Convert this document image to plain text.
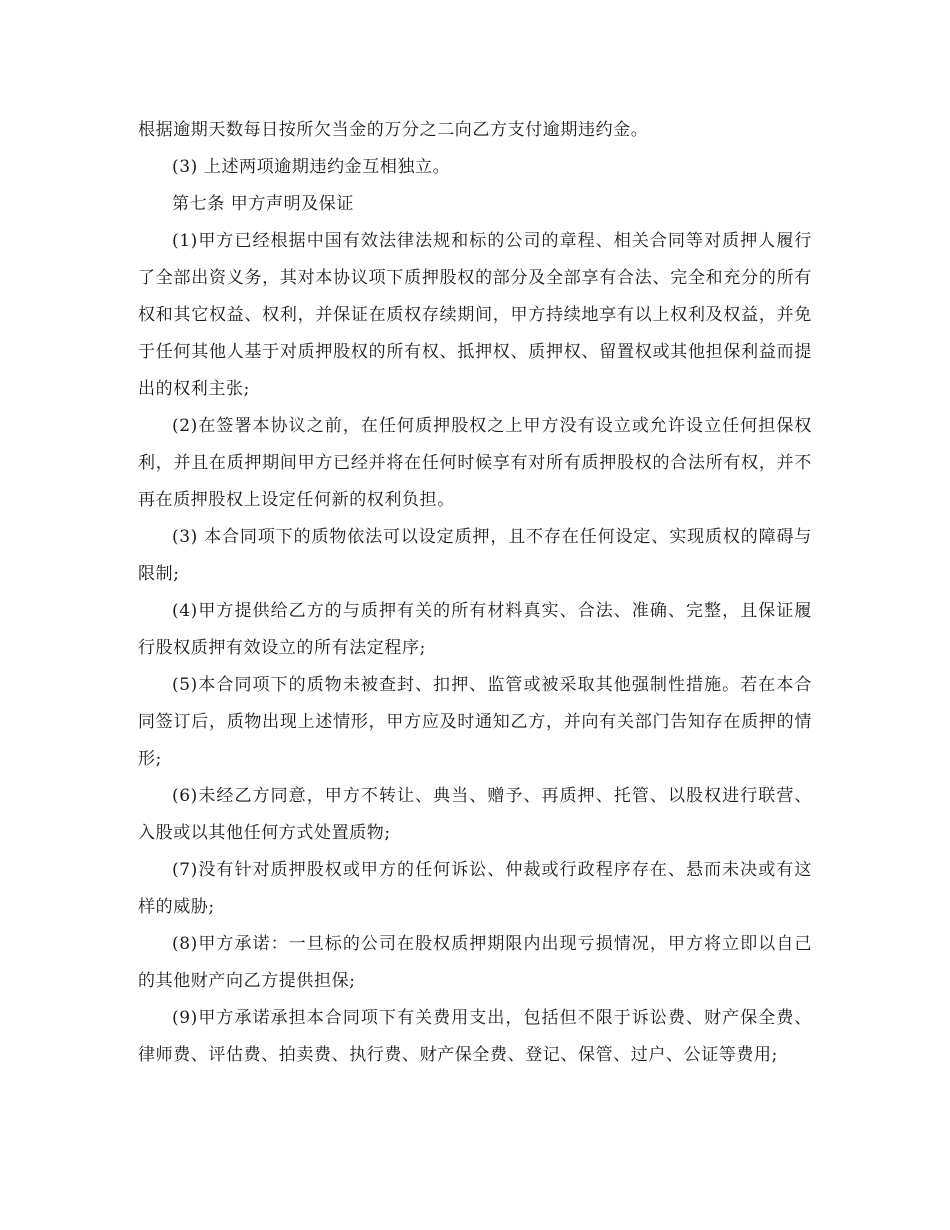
根据逾期天数每日按所欠当金的万分之二向乙方支付逾期违约金。

(3) 上述两项逾期违约金互相独立。

第七条 甲方声明及保证

(1)甲方已经根据中国有效法律法规和标的公司的章程、相关合同等对质押人履行了全部出资义务，其对本协议项下质押股权的部分及全部享有合法、完全和充分的所有权和其它权益、权利，并保证在质权存续期间，甲方持续地享有以上权利及权益，并免于任何其他人基于对质押股权的所有权、抵押权、质押权、留置权或其他担保利益而提出的权利主张;

(2)在签署本协议之前，在任何质押股权之上甲方没有设立或允许设立任何担保权利，并且在质押期间甲方已经并将在任何时候享有对所有质押股权的合法所有权，并不再在质押股权上设定任何新的权利负担。

(3) 本合同项下的质物依法可以设定质押，且不存在任何设定、实现质权的障碍与限制;

(4)甲方提供给乙方的与质押有关的所有材料真实、合法、准确、完整，且保证履行股权质押有效设立的所有法定程序;

(5)本合同项下的质物未被查封、扣押、监管或被采取其他强制性措施。若在本合同签订后，质物出现上述情形，甲方应及时通知乙方，并向有关部门告知存在质押的情形;

(6)未经乙方同意，甲方不转让、典当、赠予、再质押、托管、以股权进行联营、入股或以其他任何方式处置质物;

(7)没有针对质押股权或甲方的任何诉讼、仲裁或行政程序存在、悬而未决或有这样的威胁;

(8)甲方承诺：一旦标的公司在股权质押期限内出现亏损情况，甲方将立即以自己的其他财产向乙方提供担保;

(9)甲方承诺承担本合同项下有关费用支出，包括但不限于诉讼费、财产保全费、律师费、评估费、拍卖费、执行费、财产保全费、登记、保管、过户、公证等费用;
